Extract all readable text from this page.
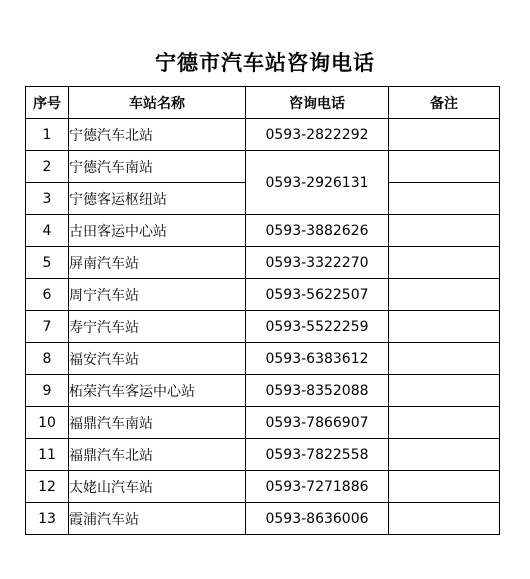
宁德市汽车站咨询电话
序号	车站名称	咨询电话	备注
1	宁德汽车北站	0593-2822292	
2	宁德汽车南站	0593-2926131	
3	宁德客运枢纽站		
4	古田客运中心站	0593-3882626	
5	屏南汽车站	0593-3322270	
6	周宁汽车站	0593-5622507	
7	寿宁汽车站	0593-5522259	
8	福安汽车站	0593-6383612	
9	柘荣汽车客运中心站	0593-8352088	
10	福鼎汽车南站	0593-7866907	
11	福鼎汽车北站	0593-7822558	
12	太姥山汽车站	0593-7271886	
13	霞浦汽车站	0593-8636006	
